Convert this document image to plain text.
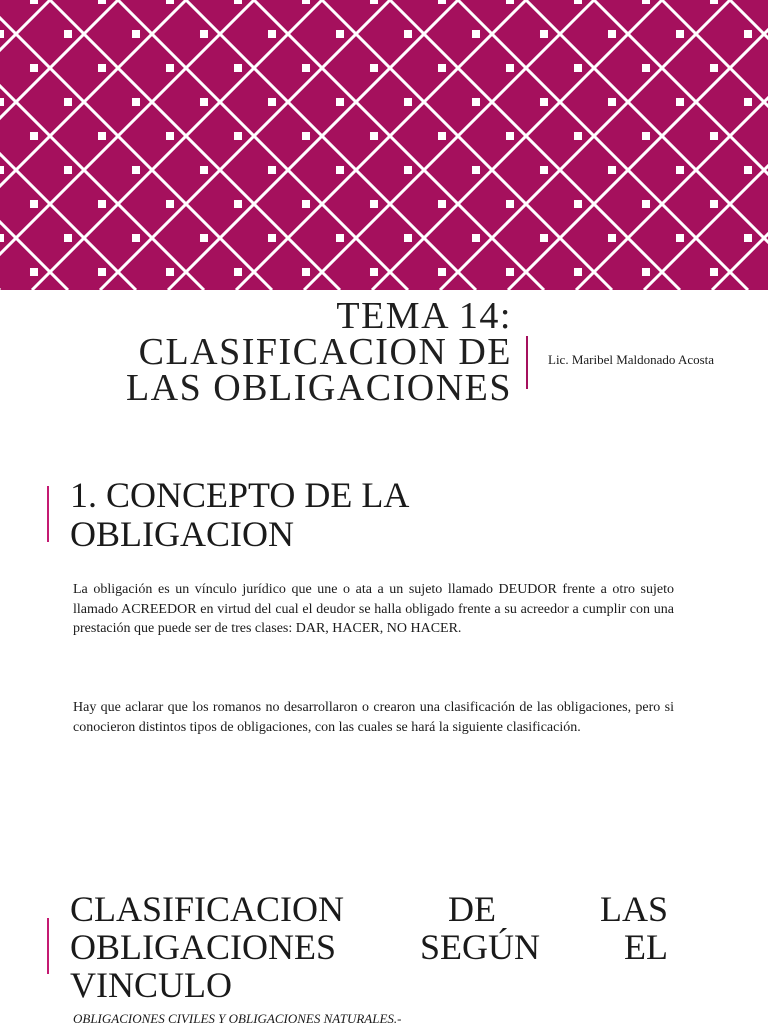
TEMA 14:
CLASIFICACION DE
LAS OBLIGACIONES
Lic. Maribel Maldonado Acosta
1. CONCEPTO DE LA
OBLIGACION

La obligación es un vínculo jurídico que une o ata a un sujeto llamado DEUDOR frente a otro sujeto llamado ACREEDOR en virtud del cual el deudor se halla obligado frente a su acreedor a cumplir con una prestación que puede ser de tres clases: DAR, HACER, NO HACER.

Hay que aclarar que los romanos no desarrollaron o crearon una clasificación de las obligaciones, pero si conocieron distintos tipos de obligaciones, con las cuales se hará la siguiente clasificación.

CLASIFICACION	DE	LAS
OBLIGACIONES SEGÚN EL
VINCULO
OBLIGACIONES CIVILES Y OBLIGACIONES NATURALES.-
